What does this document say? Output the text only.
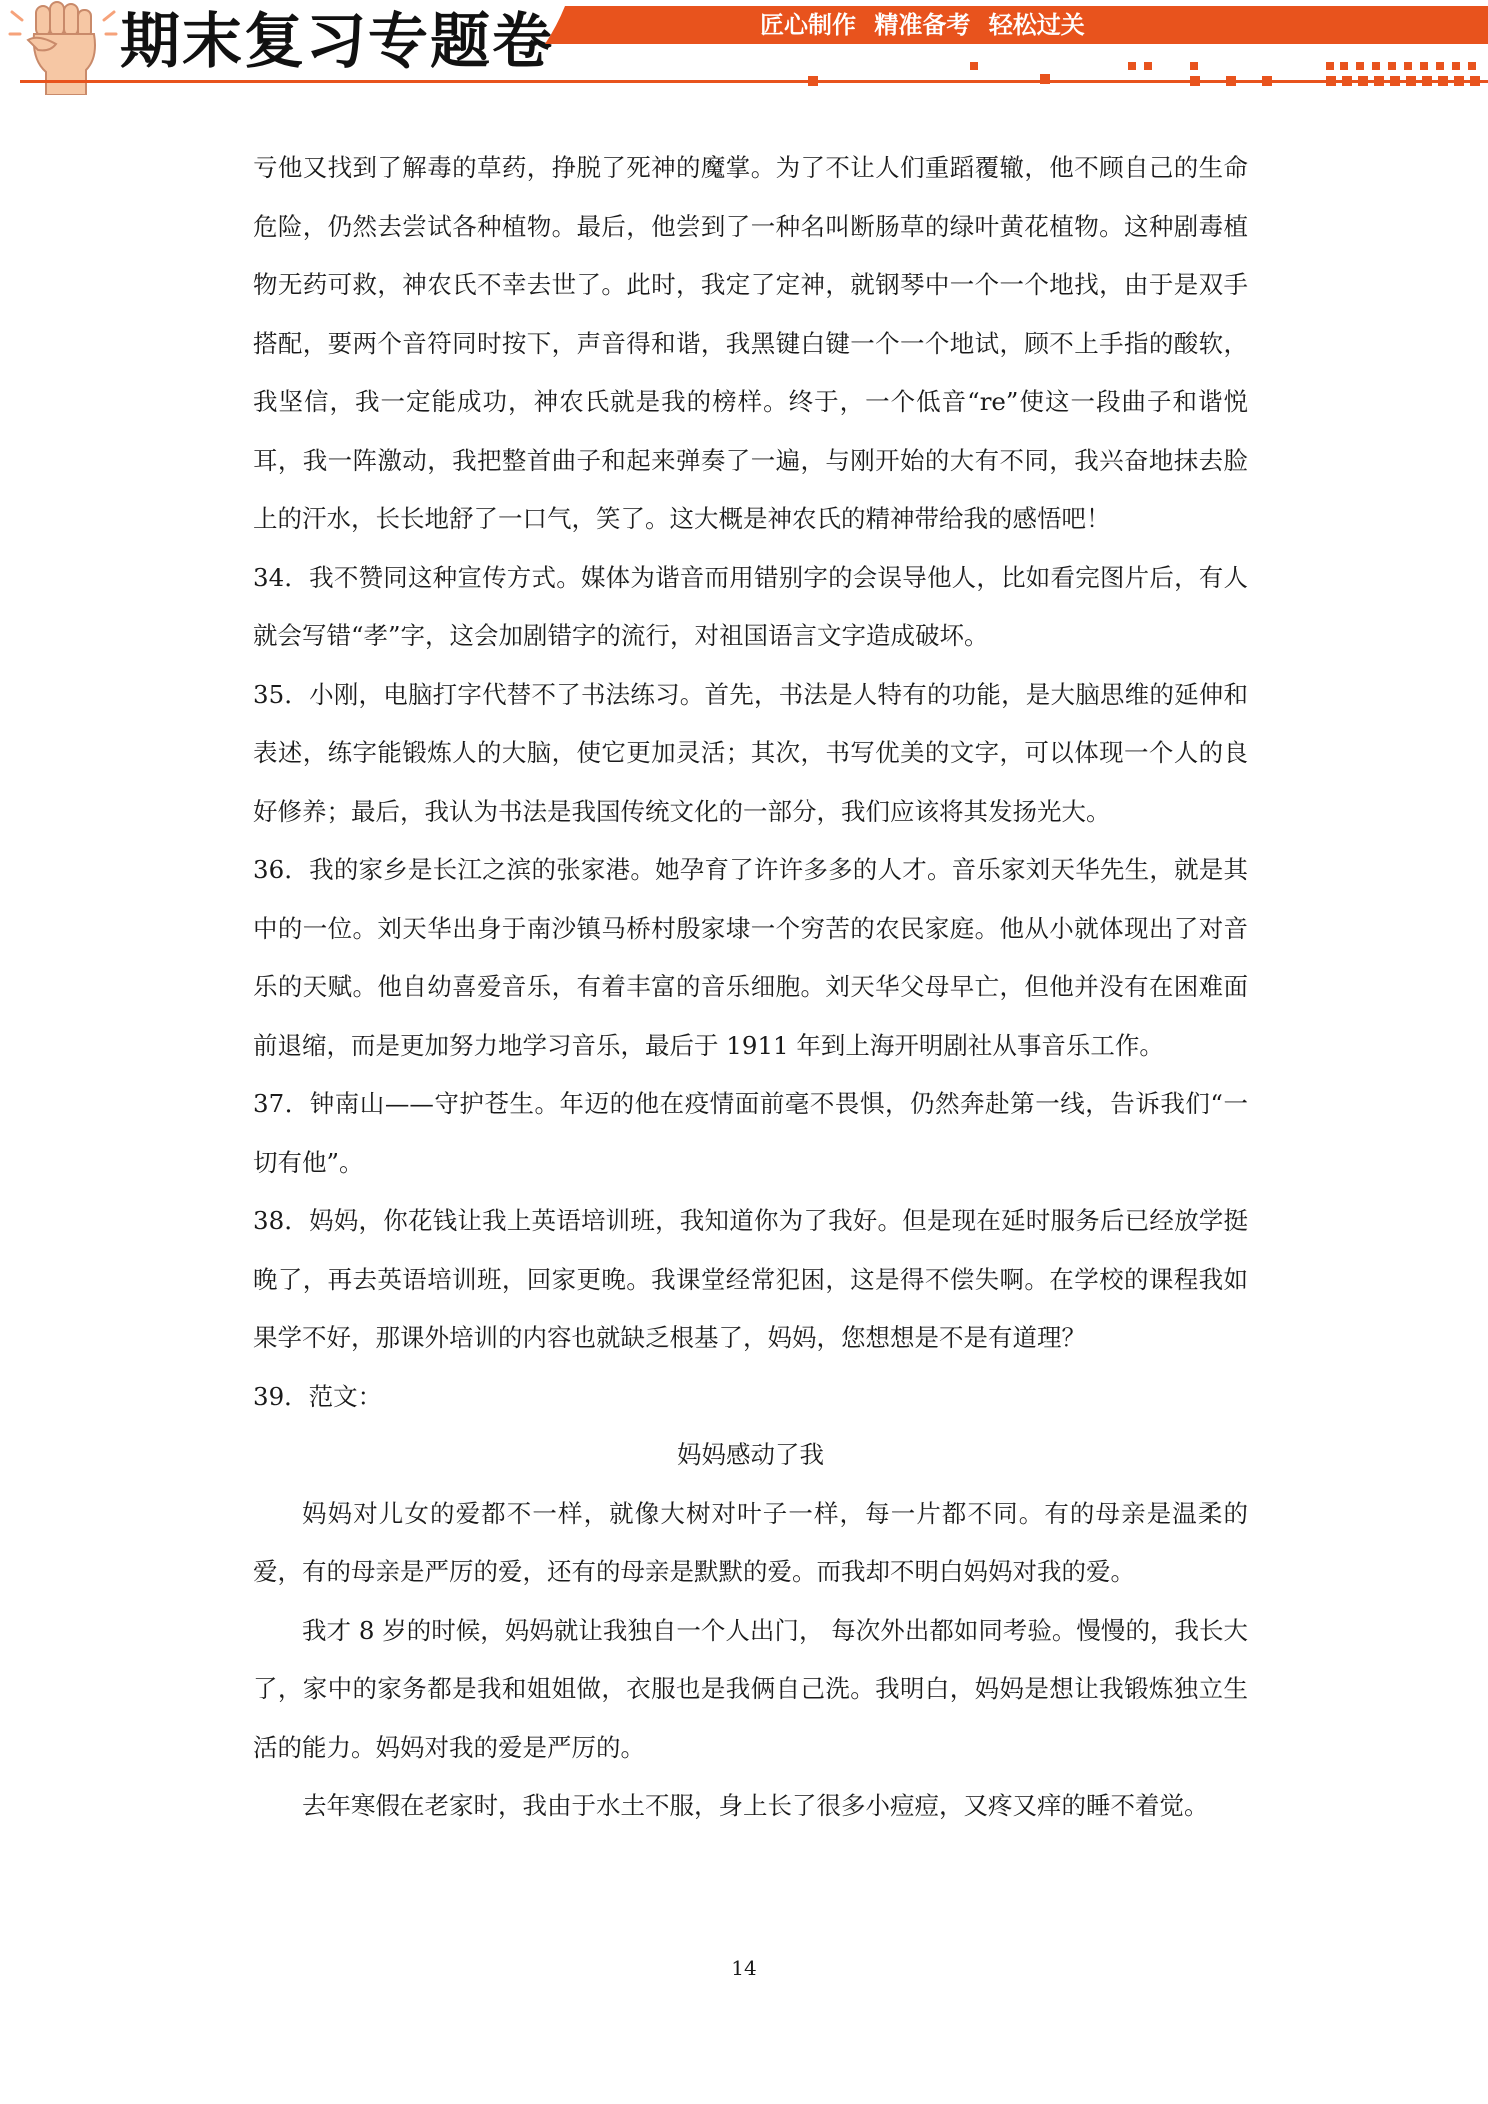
期末复习专题卷	匠心制作 精准备考 轻松过关

亏他又找到了解毒的草药，挣脱了死神的魔掌。为了不让人们重蹈覆辙，他不顾自己的生命危险，仍然去尝试各种植物。最后，他尝到了一种名叫断肠草的绿叶黄花植物。这种剧毒植物无药可救，神农氏不幸去世了。此时，我定了定神，就钢琴中一个一个地找，由于是双手搭配，要两个音符同时按下，声音得和谐，我黑键白键一个一个地试，顾不上手指的酸软，我坚信，我一定能成功，神农氏就是我的榜样。终于，一个低音“re”使这一段曲子和谐悦耳，我一阵激动，我把整首曲子和起来弹奏了一遍，与刚开始的大有不同，我兴奋地抹去脸上的汗水，长长地舒了一口气，笑了。这大概是神农氏的精神带给我的感悟吧！

34．我不赞同这种宣传方式。媒体为谐音而用错别字的会误导他人，比如看完图片后，有人就会写错“孝”字，这会加剧错字的流行，对祖国语言文字造成破坏。

35．小刚，电脑打字代替不了书法练习。首先，书法是人特有的功能，是大脑思维的延伸和表述，练字能锻炼人的大脑，使它更加灵活；其次，书写优美的文字，可以体现一个人的良好修养；最后，我认为书法是我国传统文化的一部分，我们应该将其发扬光大。

36．我的家乡是长江之滨的张家港。她孕育了许许多多的人才。音乐家刘天华先生，就是其中的一位。刘天华出身于南沙镇马桥村殷家埭一个穷苦的农民家庭。他从小就体现出了对音乐的天赋。他自幼喜爱音乐，有着丰富的音乐细胞。刘天华父母早亡，但他并没有在困难面前退缩，而是更加努力地学习音乐，最后于 1911 年到上海开明剧社从事音乐工作。

37．钟南山——守护苍生。年迈的他在疫情面前毫不畏惧，仍然奔赴第一线，告诉我们“一切有他”。

38．妈妈，你花钱让我上英语培训班，我知道你为了我好。但是现在延时服务后已经放学挺晚了，再去英语培训班，回家更晚。我课堂经常犯困，这是得不偿失啊。在学校的课程我如果学不好，那课外培训的内容也就缺乏根基了，妈妈，您想想是不是有道理？

39．范文：

妈妈感动了我

妈妈对儿女的爱都不一样，就像大树对叶子一样，每一片都不同。有的母亲是温柔的爱，有的母亲是严厉的爱，还有的母亲是默默的爱。而我却不明白妈妈对我的爱。

我才 8 岁的时候，妈妈就让我独自一个人出门， 每次外出都如同考验。慢慢的，我长大了，家中的家务都是我和姐姐做，衣服也是我俩自己洗。我明白，妈妈是想让我锻炼独立生活的能力。妈妈对我的爱是严厉的。

去年寒假在老家时，我由于水土不服，身上长了很多小痘痘，又疼又痒的睡不着觉。

14
